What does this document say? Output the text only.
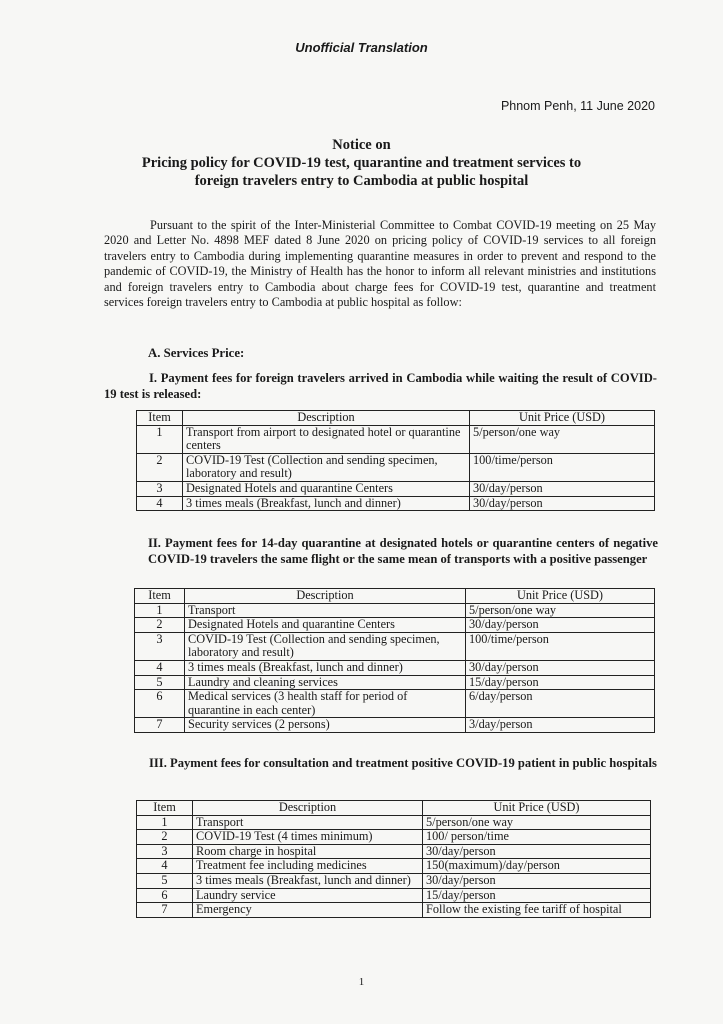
Unofficial Translation
Phnom Penh, 11 June 2020
Notice on
Pricing policy for COVID-19 test, quarantine and treatment services to
foreign travelers entry to Cambodia at public hospital
Pursuant to the spirit of the Inter-Ministerial Committee to Combat COVID-19 meeting on 25 May 2020 and Letter No. 4898 MEF dated 8 June 2020 on pricing policy of COVID-19 services to all foreign travelers entry to Cambodia during implementing quarantine measures in order to prevent and respond to the pandemic of COVID-19, the Ministry of Health has the honor to inform all relevant ministries and institutions and foreign travelers entry to Cambodia about charge fees for COVID-19 test, quarantine and treatment services foreign travelers entry to Cambodia at public hospital as follow:
A. Services Price:
I. Payment fees for foreign travelers arrived in Cambodia while waiting the result of COVID-19 test is released:
Item	Description	Unit Price (USD)
1	Transport from airport to designated hotel or quarantine centers	5/person/one way
2	COVID-19 Test (Collection and sending specimen, laboratory and result)	100/time/person
3	Designated Hotels and quarantine Centers	30/day/person
4	3 times meals (Breakfast, lunch and dinner)	30/day/person
II. Payment fees for 14-day quarantine at designated hotels or quarantine centers of negative COVID-19 travelers the same flight or the same mean of transports with a positive passenger
Item	Description	Unit Price (USD)
1	Transport	5/person/one way
2	Designated Hotels and quarantine Centers	30/day/person
3	COVID-19 Test (Collection and sending specimen, laboratory and result)	100/time/person
4	3 times meals (Breakfast, lunch and dinner)	30/day/person
5	Laundry and cleaning services	15/day/person
6	Medical services (3 health staff for period of quarantine in each center)	6/day/person
7	Security services (2 persons)	3/day/person
III. Payment fees for consultation and treatment positive COVID-19 patient in public hospitals
Item	Description	Unit Price (USD)
1	Transport	5/person/one way
2	COVID-19 Test (4 times minimum)	100/ person/time
3	Room charge in hospital	30/day/person
4	Treatment fee including medicines	150(maximum)/day/person
5	3 times meals (Breakfast, lunch and dinner)	30/day/person
6	Laundry service	15/day/person
7	Emergency	Follow the existing fee tariff of hospital
1
